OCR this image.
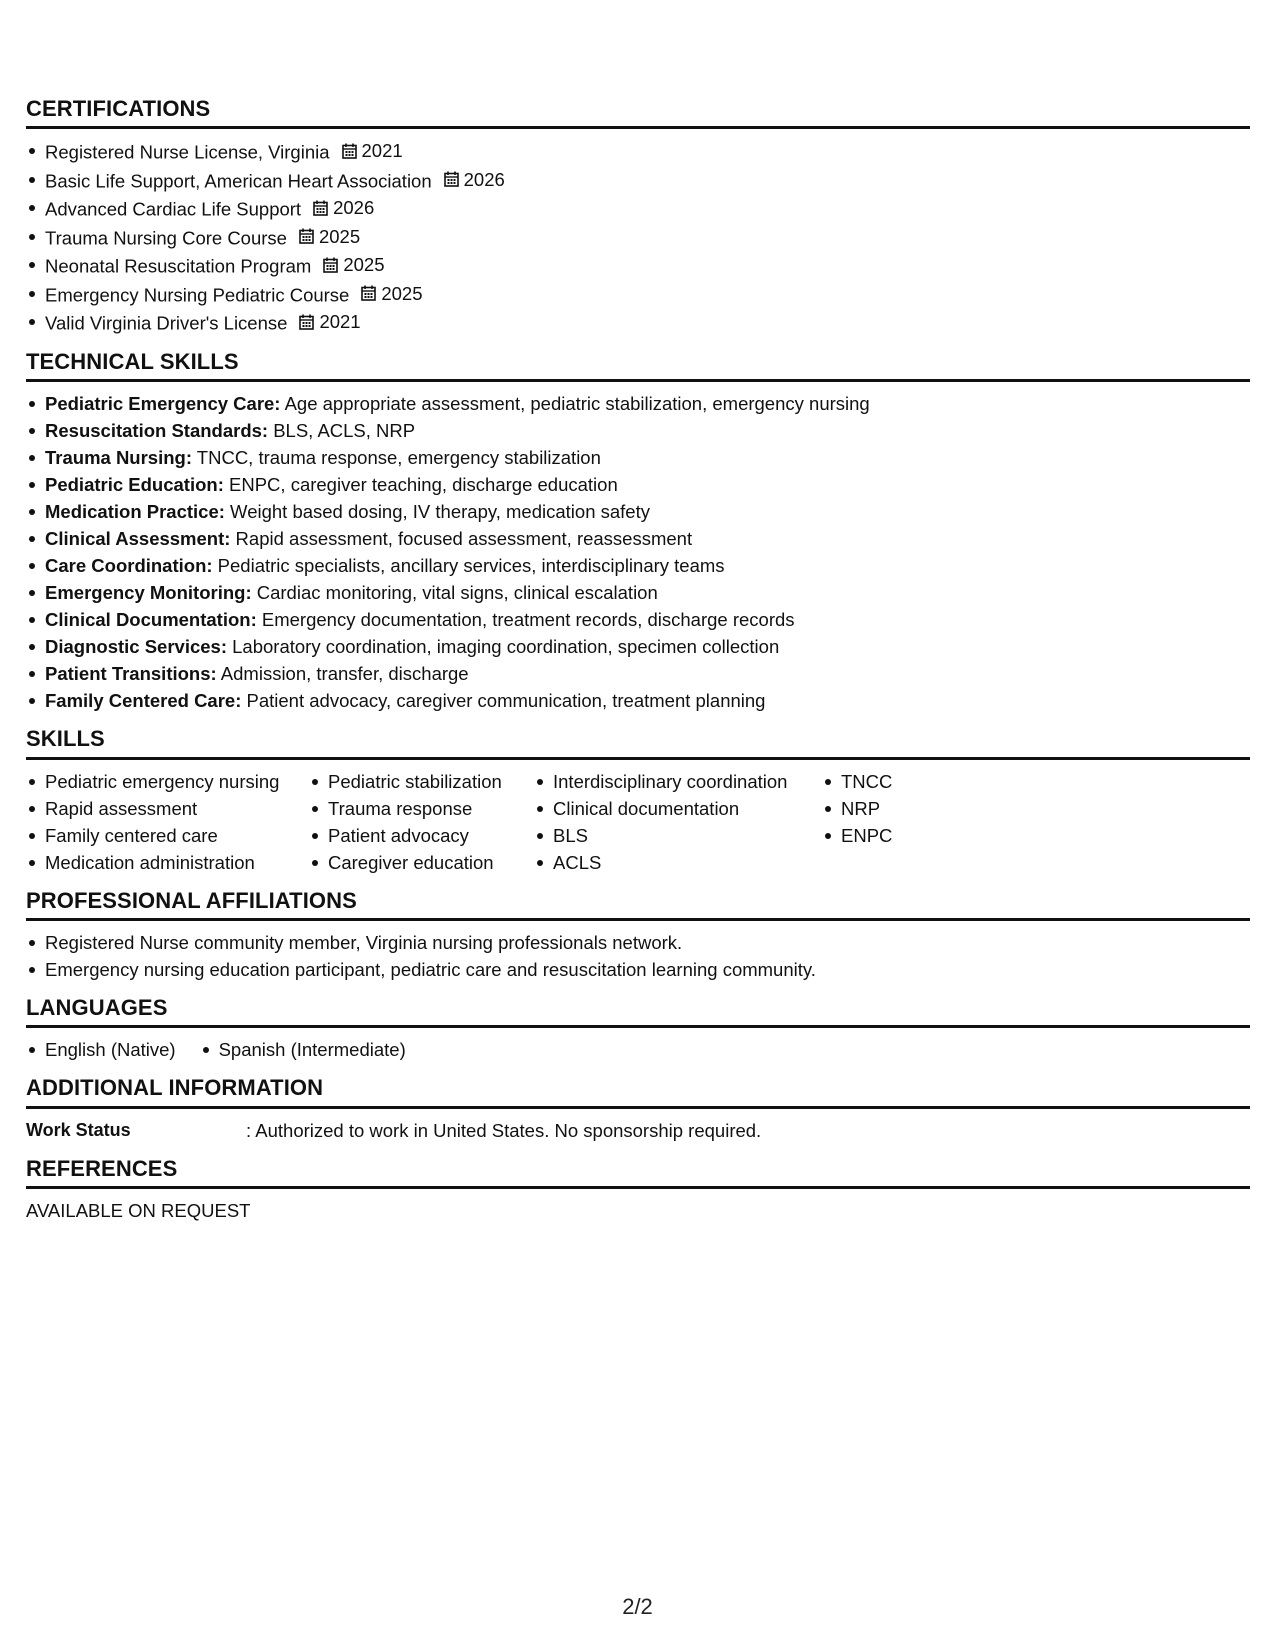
CERTIFICATIONS
Registered Nurse License, Virginia 2021
Basic Life Support, American Heart Association 2026
Advanced Cardiac Life Support 2026
Trauma Nursing Core Course 2025
Neonatal Resuscitation Program 2025
Emergency Nursing Pediatric Course 2025
Valid Virginia Driver's License 2021
TECHNICAL SKILLS
Pediatric Emergency Care: Age appropriate assessment, pediatric stabilization, emergency nursing
Resuscitation Standards: BLS, ACLS, NRP
Trauma Nursing: TNCC, trauma response, emergency stabilization
Pediatric Education: ENPC, caregiver teaching, discharge education
Medication Practice: Weight based dosing, IV therapy, medication safety
Clinical Assessment: Rapid assessment, focused assessment, reassessment
Care Coordination: Pediatric specialists, ancillary services, interdisciplinary teams
Emergency Monitoring: Cardiac monitoring, vital signs, clinical escalation
Clinical Documentation: Emergency documentation, treatment records, discharge records
Diagnostic Services: Laboratory coordination, imaging coordination, specimen collection
Patient Transitions: Admission, transfer, discharge
Family Centered Care: Patient advocacy, caregiver communication, treatment planning
SKILLS
Pediatric emergency nursing
Rapid assessment
Family centered care
Medication administration
Pediatric stabilization
Trauma response
Patient advocacy
Caregiver education
Interdisciplinary coordination
Clinical documentation
BLS
ACLS
TNCC
NRP
ENPC
PROFESSIONAL AFFILIATIONS
Registered Nurse community member, Virginia nursing professionals network.
Emergency nursing education participant, pediatric care and resuscitation learning community.
LANGUAGES
English (Native)	Spanish (Intermediate)
ADDITIONAL INFORMATION
Work Status	: Authorized to work in United States. No sponsorship required.
REFERENCES
AVAILABLE ON REQUEST
2/2
